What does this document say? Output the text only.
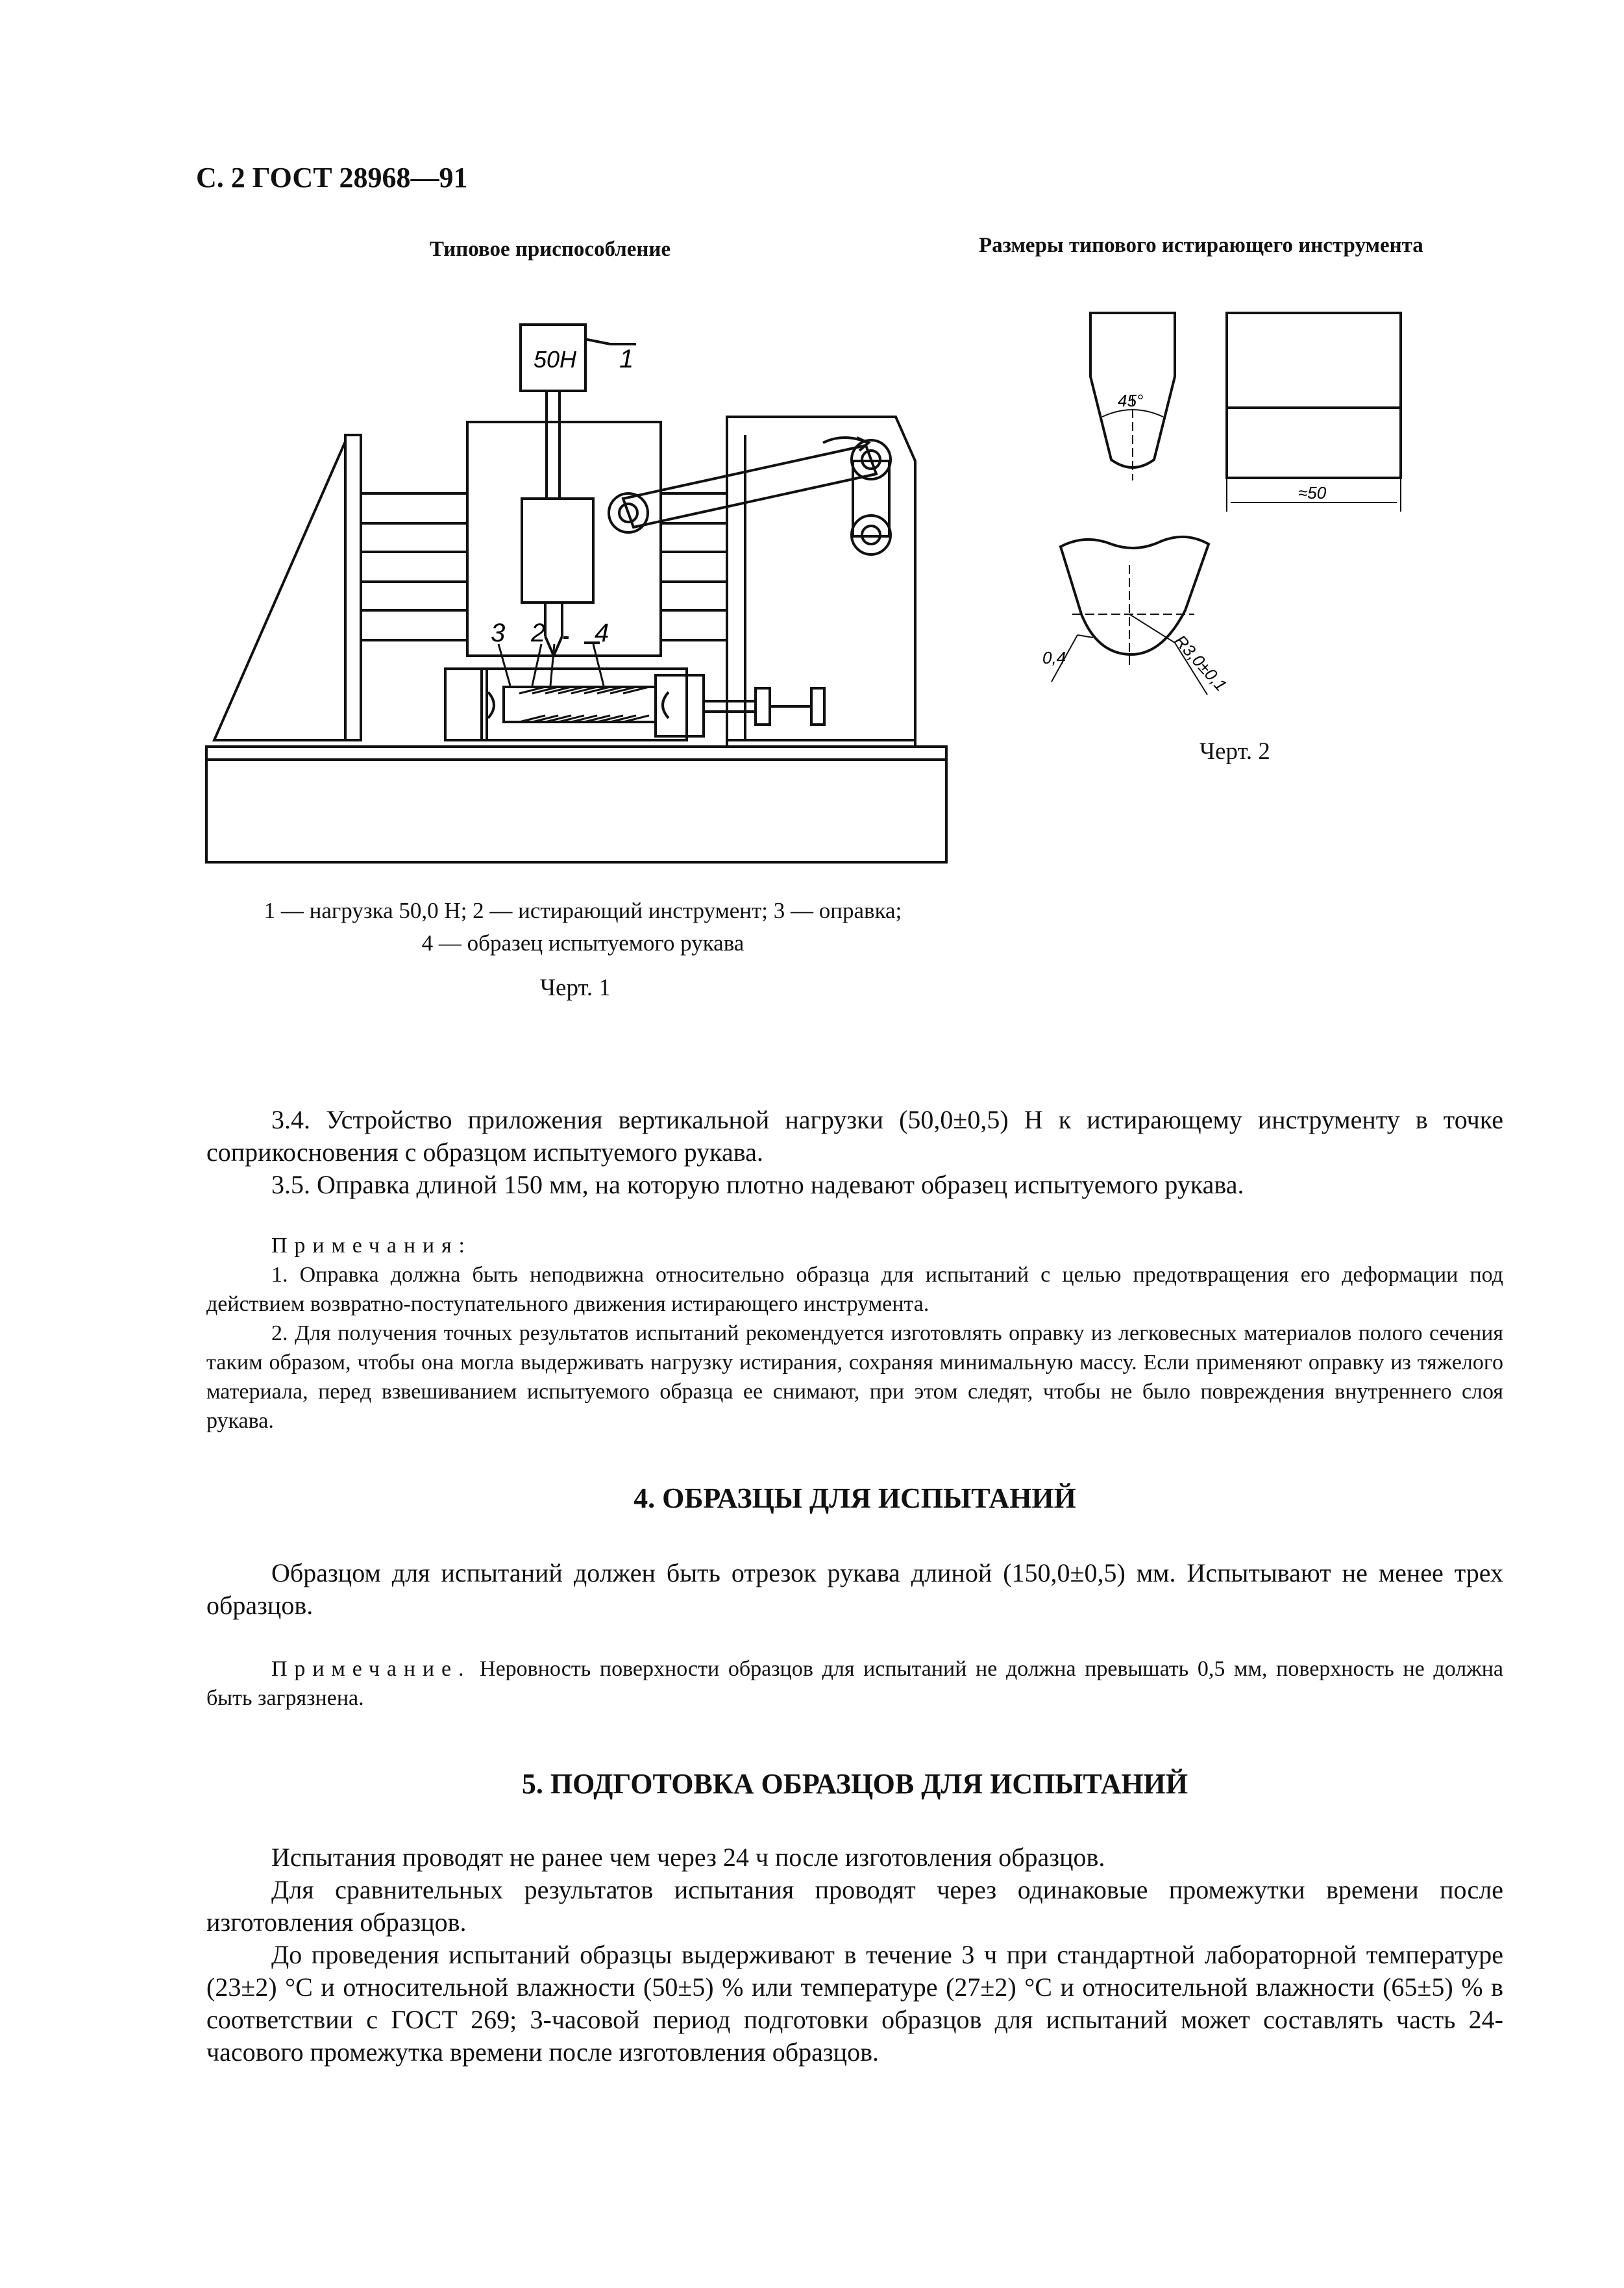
С. 2 ГОСТ 28968—91
Типовое приспособление	Размеры типового истирающего инструмента
50Н 1
3 2 4
1 — нагрузка 50,0 Н; 2 — истирающий инструмент; 3 — оправка;
4 — образец испытуемого рукава
Черт. 1
45°
≈50
0,4	R3,0±0,1
Черт. 2

3.4. Устройство приложения вертикальной нагрузки (50,0±0,5) Н к истирающему инструменту в точке соприкосновения с образцом испытуемого рукава.

3.5. Оправка длиной 150 мм, на которую плотно надевают образец испытуемого рукава.

Примечания:

1. Оправка должна быть неподвижна относительно образца для испытаний с целью предотвращения его деформации под действием возвратно-поступательного движения истирающего инструмента.

2. Для получения точных результатов испытаний рекомендуется изготовлять оправку из легковесных материалов полого сечения таким образом, чтобы она могла выдерживать нагрузку истирания, сохраняя минимальную массу. Если применяют оправку из тяжелого материала, перед взвешиванием испытуемого образца ее снимают, при этом следят, чтобы не было повреждения внутреннего слоя рукава.

4. ОБРАЗЦЫ ДЛЯ ИСПЫТАНИЙ

Образцом для испытаний должен быть отрезок рукава длиной (150,0±0,5) мм. Испытывают не менее трех образцов.

Примечание. Неровность поверхности образцов для испытаний не должна превышать 0,5 мм, поверхность не должна быть загрязнена.

5. ПОДГОТОВКА ОБРАЗЦОВ ДЛЯ ИСПЫТАНИЙ

Испытания проводят не ранее чем через 24 ч после изготовления образцов.

Для сравнительных результатов испытания проводят через одинаковые промежутки времени после изготовления образцов.

До проведения испытаний образцы выдерживают в течение 3 ч при стандартной лабораторной температуре (23±2) °С и относительной влажности (50±5) % или температуре (27±2) °С и относительной влажности (65±5) % в соответствии с ГОСТ 269; 3-часовой период подготовки образцов для испытаний может составлять часть 24-часового промежутка времени после изготовления образцов.
